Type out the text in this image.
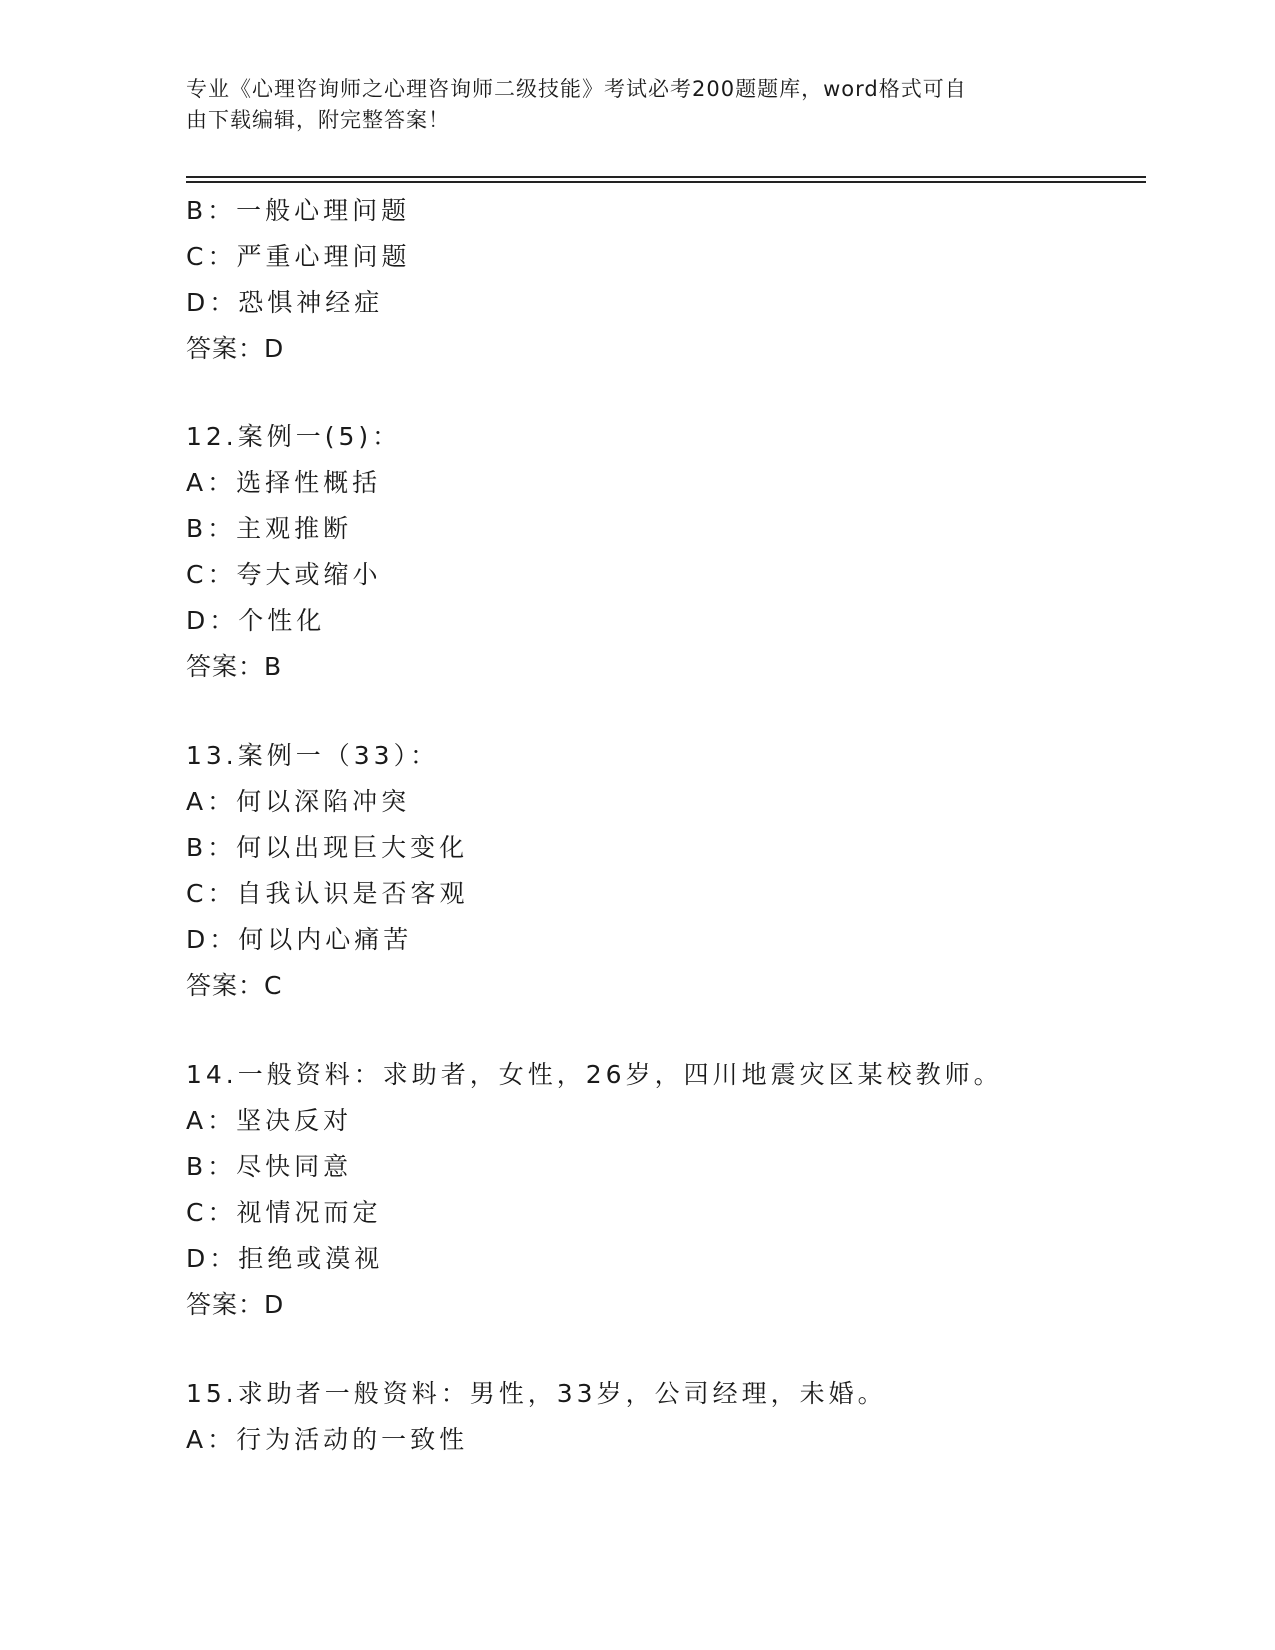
专业《心理咨询师之心理咨询师二级技能》考试必考200题题库，word格式可自
由下载编辑，附完整答案！
B：一般心理问题
C：严重心理问题
D：恐惧神经症
答案：D
12.案例一(5)：
A：选择性概括
B：主观推断
C：夸大或缩小
D：个性化
答案：B
13.案例一（33）：
A：何以深陷冲突
B：何以出现巨大变化
C：自我认识是否客观
D：何以内心痛苦
答案：C
14.一般资料：求助者，女性，26岁，四川地震灾区某校教师。
A：坚决反对
B：尽快同意
C：视情况而定
D：拒绝或漠视
答案：D
15.求助者一般资料：男性，33岁，公司经理，未婚。
A：行为活动的一致性
